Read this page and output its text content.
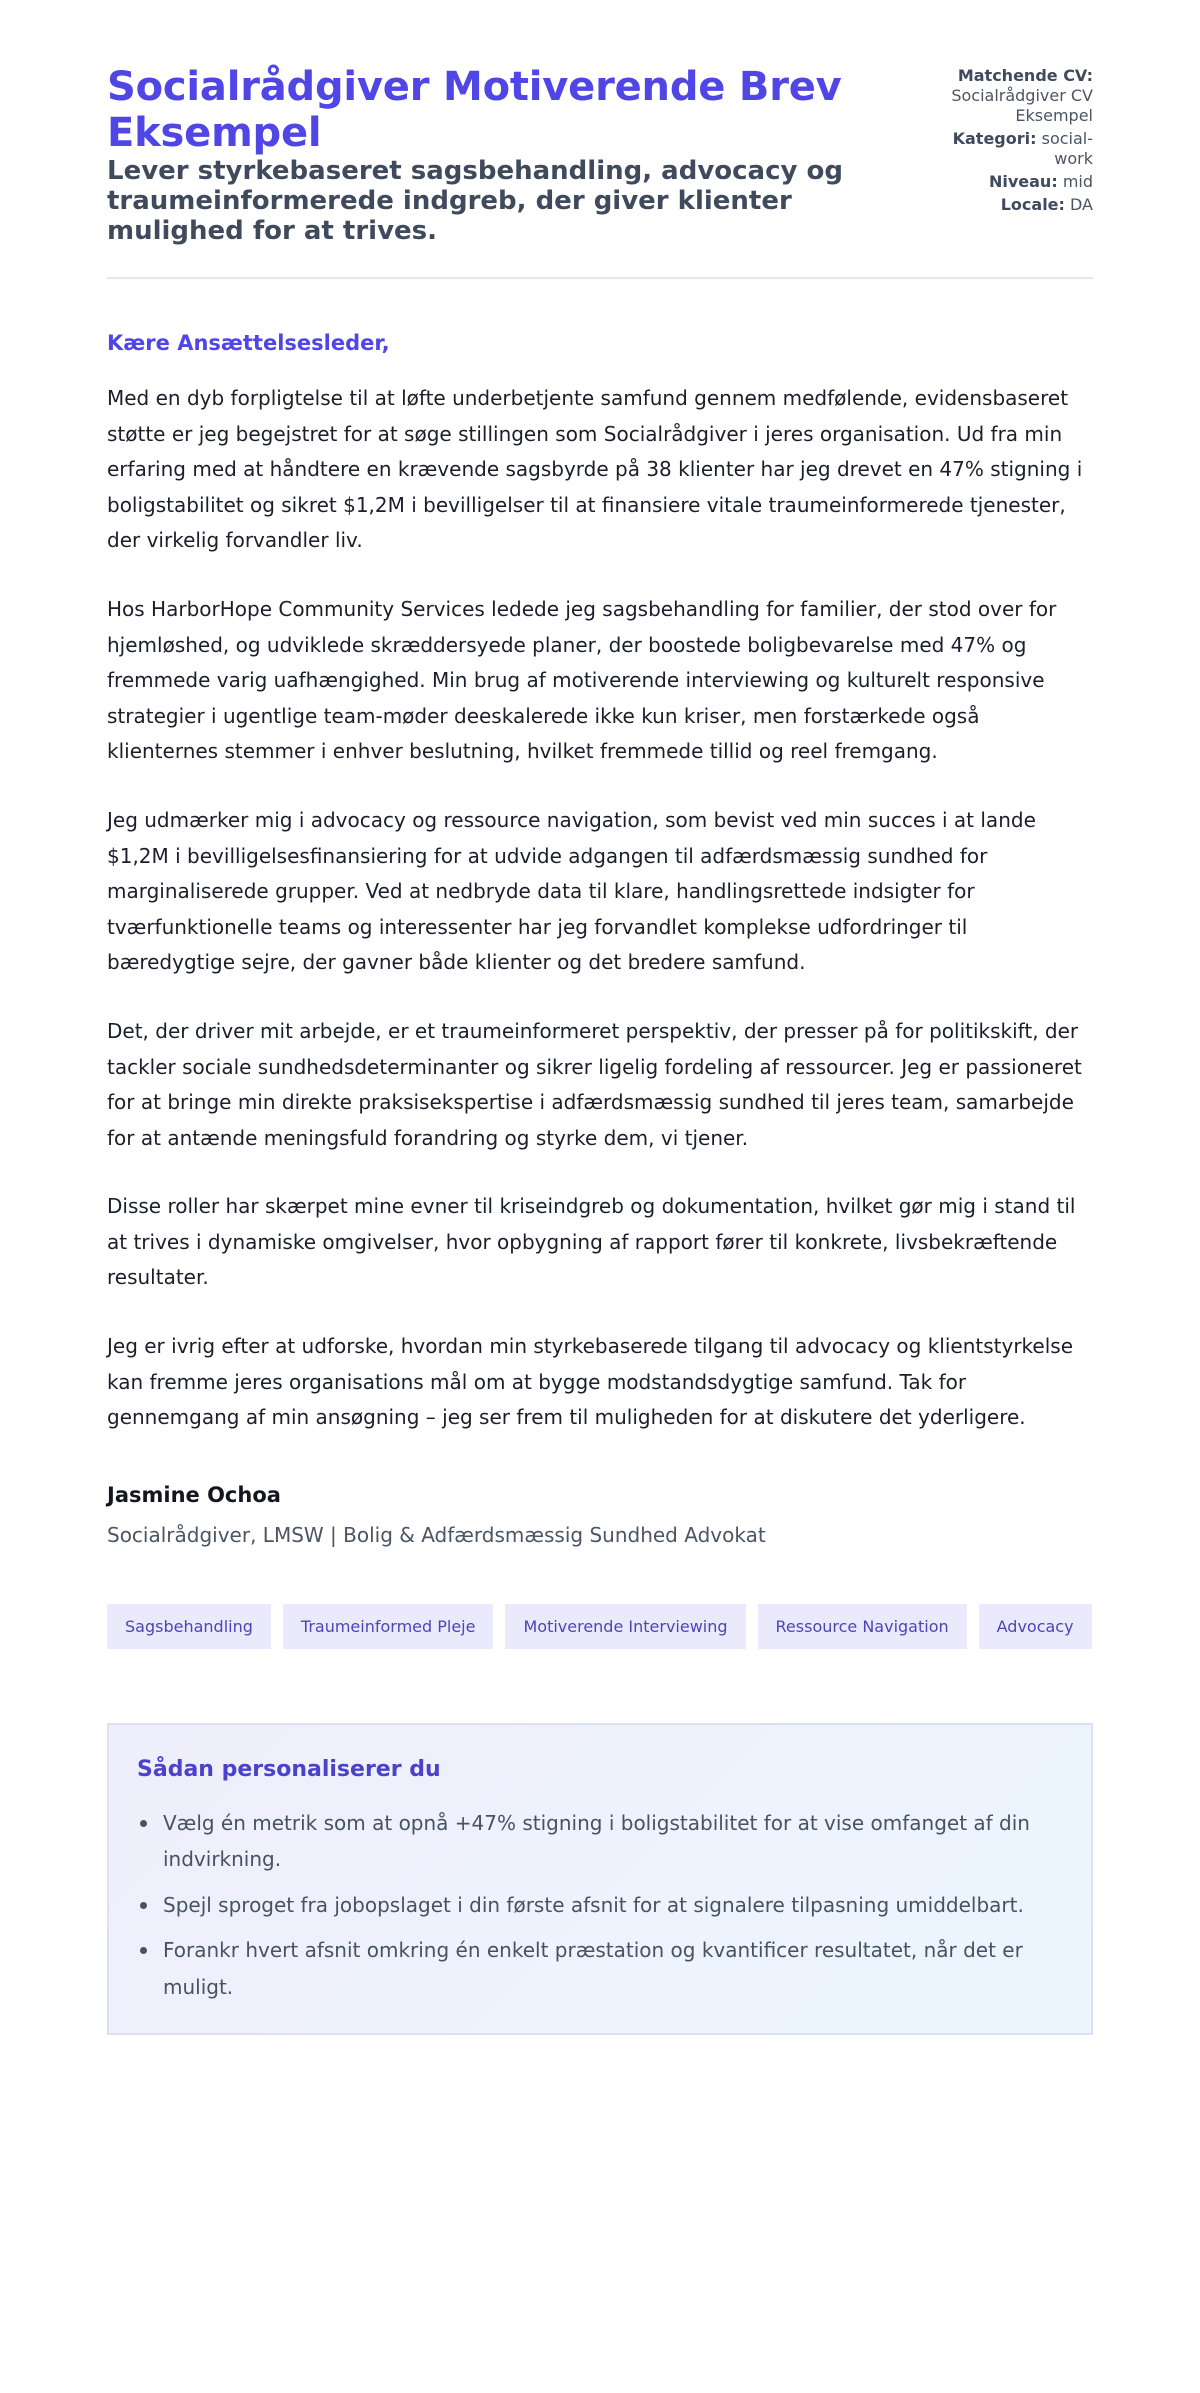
Socialrådgiver Motiverende Brev Eksempel
Lever styrkebaseret sagsbehandling, advocacy og traumeinformerede indgreb, der giver klienter mulighed for at trives.
Matchende CV: Socialrådgiver CV Eksempel
Kategori: social-work
Niveau: mid
Locale: DA

Kære Ansættelsesleder,

Med en dyb forpligtelse til at løfte underbetjente samfund gennem medfølende, evidensbaseret støtte er jeg begejstret for at søge stillingen som Socialrådgiver i jeres organisation. Ud fra min erfaring med at håndtere en krævende sagsbyrde på 38 klienter har jeg drevet en 47% stigning i boligstabilitet og sikret $1,2M i bevilligelser til at finansiere vitale traumeinformerede tjenester, der virkelig forvandler liv.

Hos HarborHope Community Services ledede jeg sagsbehandling for familier, der stod over for hjemløshed, og udviklede skræddersyede planer, der boostede boligbevarelse med 47% og fremmede varig uafhængighed. Min brug af motiverende interviewing og kulturelt responsive strategier i ugentlige team-møder deeskalerede ikke kun kriser, men forstærkede også klienternes stemmer i enhver beslutning, hvilket fremmede tillid og reel fremgang.

Jeg udmærker mig i advocacy og ressource navigation, som bevist ved min succes i at lande $1,2M i bevilligelsesfinansiering for at udvide adgangen til adfærdsmæssig sundhed for marginaliserede grupper. Ved at nedbryde data til klare, handlingsrettede indsigter for tværfunktionelle teams og interessenter har jeg forvandlet komplekse udfordringer til bæredygtige sejre, der gavner både klienter og det bredere samfund.

Det, der driver mit arbejde, er et traumeinformeret perspektiv, der presser på for politikskift, der tackler sociale sundhedsdeterminanter og sikrer ligelig fordeling af ressourcer. Jeg er passioneret for at bringe min direkte praksisekspertise i adfærdsmæssig sundhed til jeres team, samarbejde for at antænde meningsfuld forandring og styrke dem, vi tjener.

Disse roller har skærpet mine evner til kriseindgreb og dokumentation, hvilket gør mig i stand til at trives i dynamiske omgivelser, hvor opbygning af rapport fører til konkrete, livsbekræftende resultater.

Jeg er ivrig efter at udforske, hvordan min styrkebaserede tilgang til advocacy og klientstyrkelse kan fremme jeres organisations mål om at bygge modstandsdygtige samfund. Tak for gennemgang af min ansøgning – jeg ser frem til muligheden for at diskutere det yderligere.

Jasmine Ochoa
Socialrådgiver, LMSW | Bolig & Adfærdsmæssig Sundhed Advokat
Sagsbehandling	Traumeinformed Pleje	Motiverende Interviewing	Ressource Navigation	Advocacy
Sådan personaliserer du
Vælg én metrik som at opnå +47% stigning i boligstabilitet for at vise omfanget af din indvirkning.
Spejl sproget fra jobopslaget i din første afsnit for at signalere tilpasning umiddelbart.
Forankr hvert afsnit omkring én enkelt præstation og kvantificer resultatet, når det er muligt.
